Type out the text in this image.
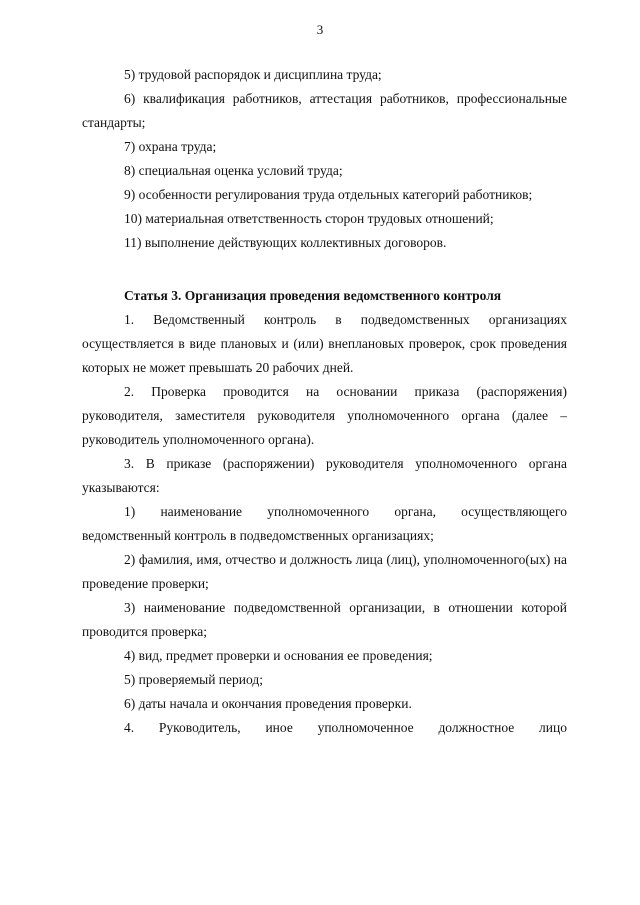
3

5) трудовой распорядок и дисциплина труда;

6) квалификация работников, аттестация работников, профессиональные стандарты;

7) охрана труда;

8) специальная оценка условий труда;

9) особенности регулирования труда отдельных категорий работников;

10) материальная ответственность сторон трудовых отношений;

11) выполнение действующих коллективных договоров.

Статья 3. Организация проведения ведомственного контроля

1. Ведомственный контроль в подведомственных организациях осуществляется в виде плановых и (или) внеплановых проверок, срок проведения которых не может превышать 20 рабочих дней.

2. Проверка проводится на основании приказа (распоряжения) руководителя, заместителя руководителя уполномоченного органа (далее – руководитель уполномоченного органа).

3. В приказе (распоряжении) руководителя уполномоченного органа указываются:

1) наименование уполномоченного органа, осуществляющего ведомственный контроль в подведомственных организациях;

2) фамилия, имя, отчество и должность лица (лиц), уполномоченного(ых) на проведение проверки;

3) наименование подведомственной организации, в отношении которой проводится проверка;

4) вид, предмет проверки и основания ее проведения;

5) проверяемый период;

6) даты начала и окончания проведения проверки.

4. Руководитель, иное уполномоченное должностное лицо
